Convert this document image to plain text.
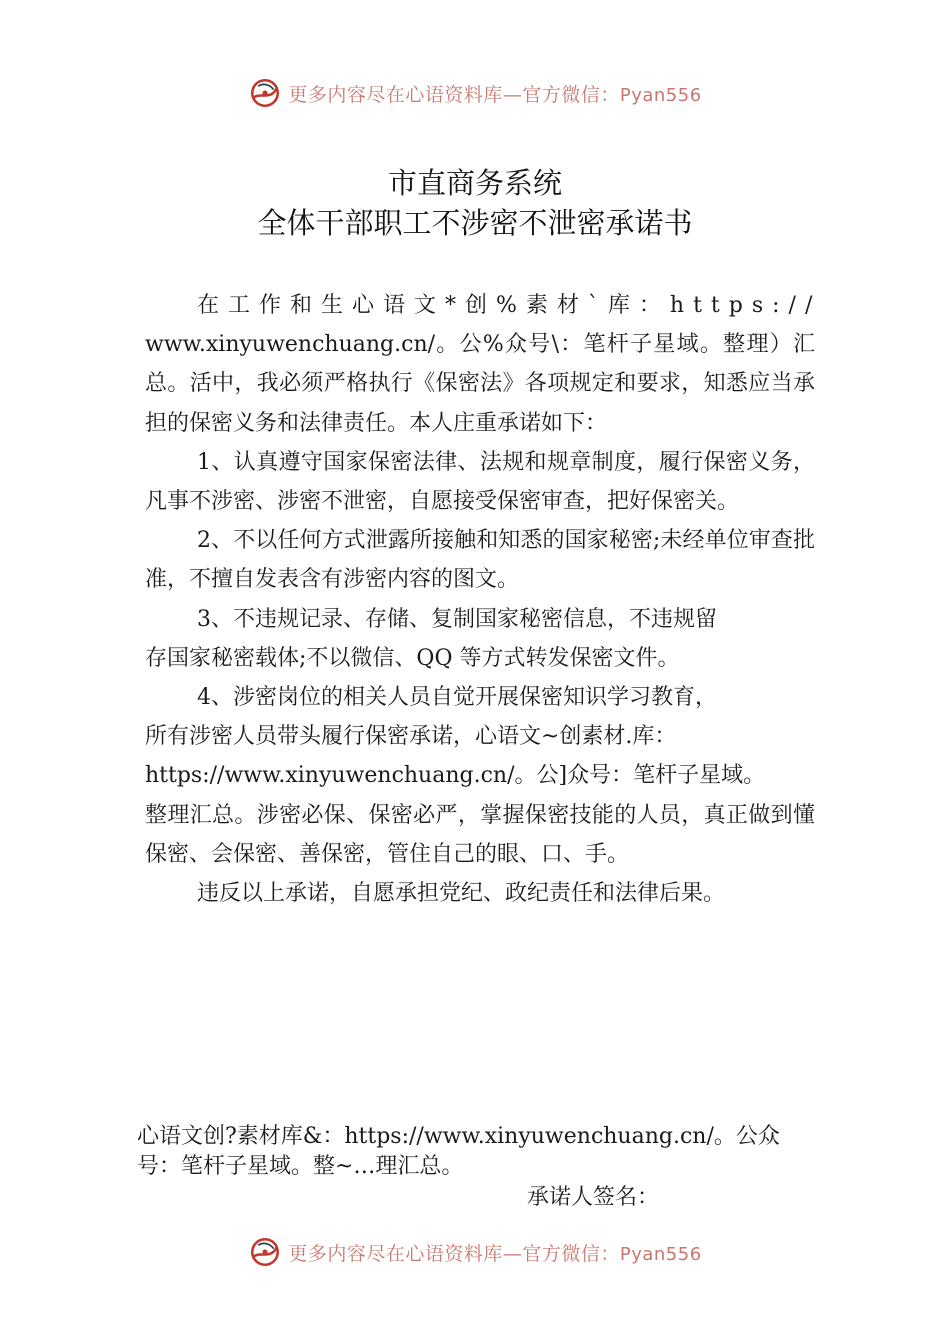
更多内容尽在心语资料库—官方微信：Pyan556
市直商务系统
全体干部职工不涉密不泄密承诺书

在工作和生心语文*创%素材`库：https://

www.xinyuwenchuang.cn/。公%众号\：笔杆子星域。整理）汇总。活中，我必须严格执行《保密法》各项规定和要求，知悉应当承担的保密义务和法律责任。本人庄重承诺如下：

1、认真遵守国家保密法律、法规和规章制度，履行保密义务，凡事不涉密、涉密不泄密，自愿接受保密审查，把好保密关。

2、不以任何方式泄露所接触和知悉的国家秘密;未经单位审查批准，不擅自发表含有涉密内容的图文。

3、不违规记录、存储、复制国家秘密信息，不违规留

存国家秘密载体;不以微信、QQ 等方式转发保密文件。

4、涉密岗位的相关人员自觉开展保密知识学习教育，

所有涉密人员带头履行保密承诺，心语文~创素材.库：

https://www.xinyuwenchuang.cn/。公]众号：笔杆子星域。

整理汇总。涉密必保、保密必严，掌握保密技能的人员，真正做到懂保密、会保密、善保密，管住自己的眼、口、手。

违反以上承诺，自愿承担党纪、政纪责任和法律后果。

心语文创?素材库&：https://www.xinyuwenchuang.cn/。公众

号：笔杆子星域。整~…理汇总。

承诺人签名：
更多内容尽在心语资料库—官方微信：Pyan556
